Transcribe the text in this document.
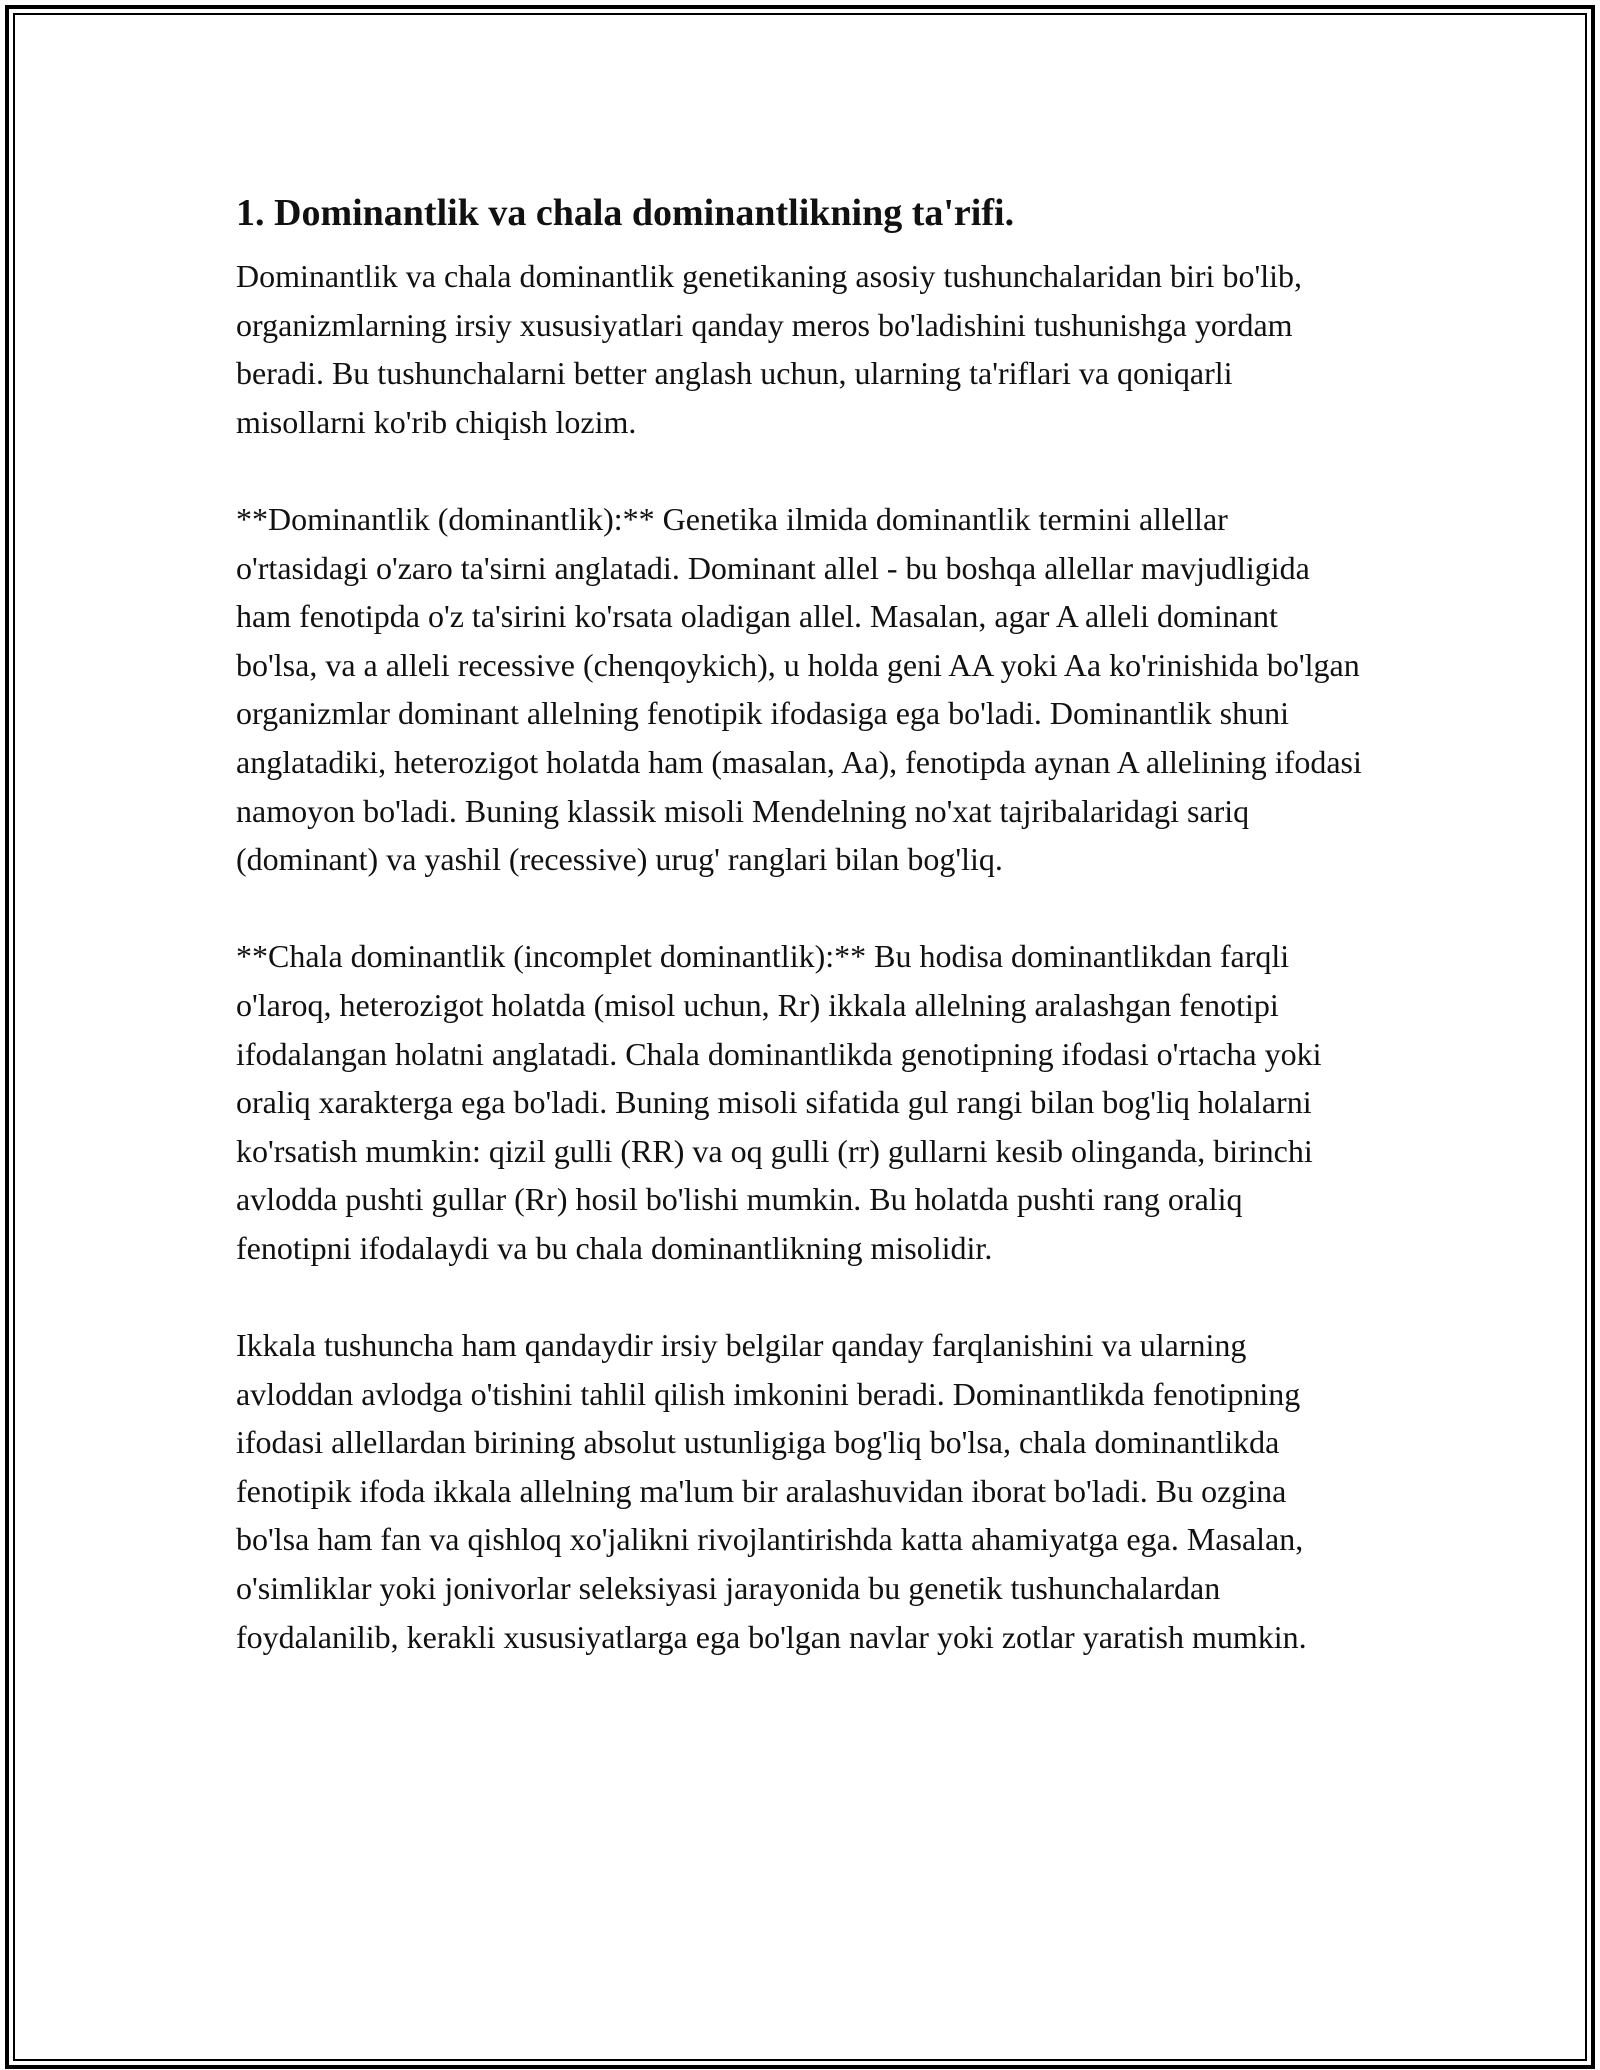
1. Dominantlik va chala dominantlikning ta'rifi.

Dominantlik va chala dominantlik genetikaning asosiy tushunchalaridan biri bo'lib, organizmlarning irsiy xususiyatlari qanday meros bo'ladishini tushunishga yordam beradi. Bu tushunchalarni better anglash uchun, ularning ta'riflari va qoniqarli misollarni ko'rib chiqish lozim.

**Dominantlik (dominantlik):** Genetika ilmida dominantlik termini allellar o'rtasidagi o'zaro ta'sirni anglatadi. Dominant allel - bu boshqa allellar mavjudligida ham fenotipda o'z ta'sirini ko'rsata oladigan allel. Masalan, agar A alleli dominant bo'lsa, va a alleli recessive (chenqoykich), u holda geni AA yoki Aa ko'rinishida bo'lgan organizmlar dominant allelning fenotipik ifodasiga ega bo'ladi. Dominantlik shuni anglatadiki, heterozigot holatda ham (masalan, Aa), fenotipda aynan A allelining ifodasi namoyon bo'ladi. Buning klassik misoli Mendelning no'xat tajribalaridagi sariq (dominant) va yashil (recessive) urug' ranglari bilan bog'liq.

**Chala dominantlik (incomplet dominantlik):** Bu hodisa dominantlikdan farqli o'laroq, heterozigot holatda (misol uchun, Rr) ikkala allelning aralashgan fenotipi ifodalangan holatni anglatadi. Chala dominantlikda genotipning ifodasi o'rtacha yoki oraliq xarakterga ega bo'ladi. Buning misoli sifatida gul rangi bilan bog'liq holalarni ko'rsatish mumkin: qizil gulli (RR) va oq gulli (rr) gullarni kesib olinganda, birinchi avlodda pushti gullar (Rr) hosil bo'lishi mumkin. Bu holatda pushti rang oraliq fenotipni ifodalaydi va bu chala dominantlikning misolidir.

Ikkala tushuncha ham qandaydir irsiy belgilar qanday farqlanishini va ularning avloddan avlodga o'tishini tahlil qilish imkonini beradi. Dominantlikda fenotipning ifodasi allellardan birining absolut ustunligiga bog'liq bo'lsa, chala dominantlikda fenotipik ifoda ikkala allelning ma'lum bir aralashuvidan iborat bo'ladi. Bu ozgina bo'lsa ham fan va qishloq xo'jalikni rivojlantirishda katta ahamiyatga ega. Masalan, o'simliklar yoki jonivorlar seleksiyasi jarayonida bu genetik tushunchalardan foydalanilib, kerakli xususiyatlarga ega bo'lgan navlar yoki zotlar yaratish mumkin.
